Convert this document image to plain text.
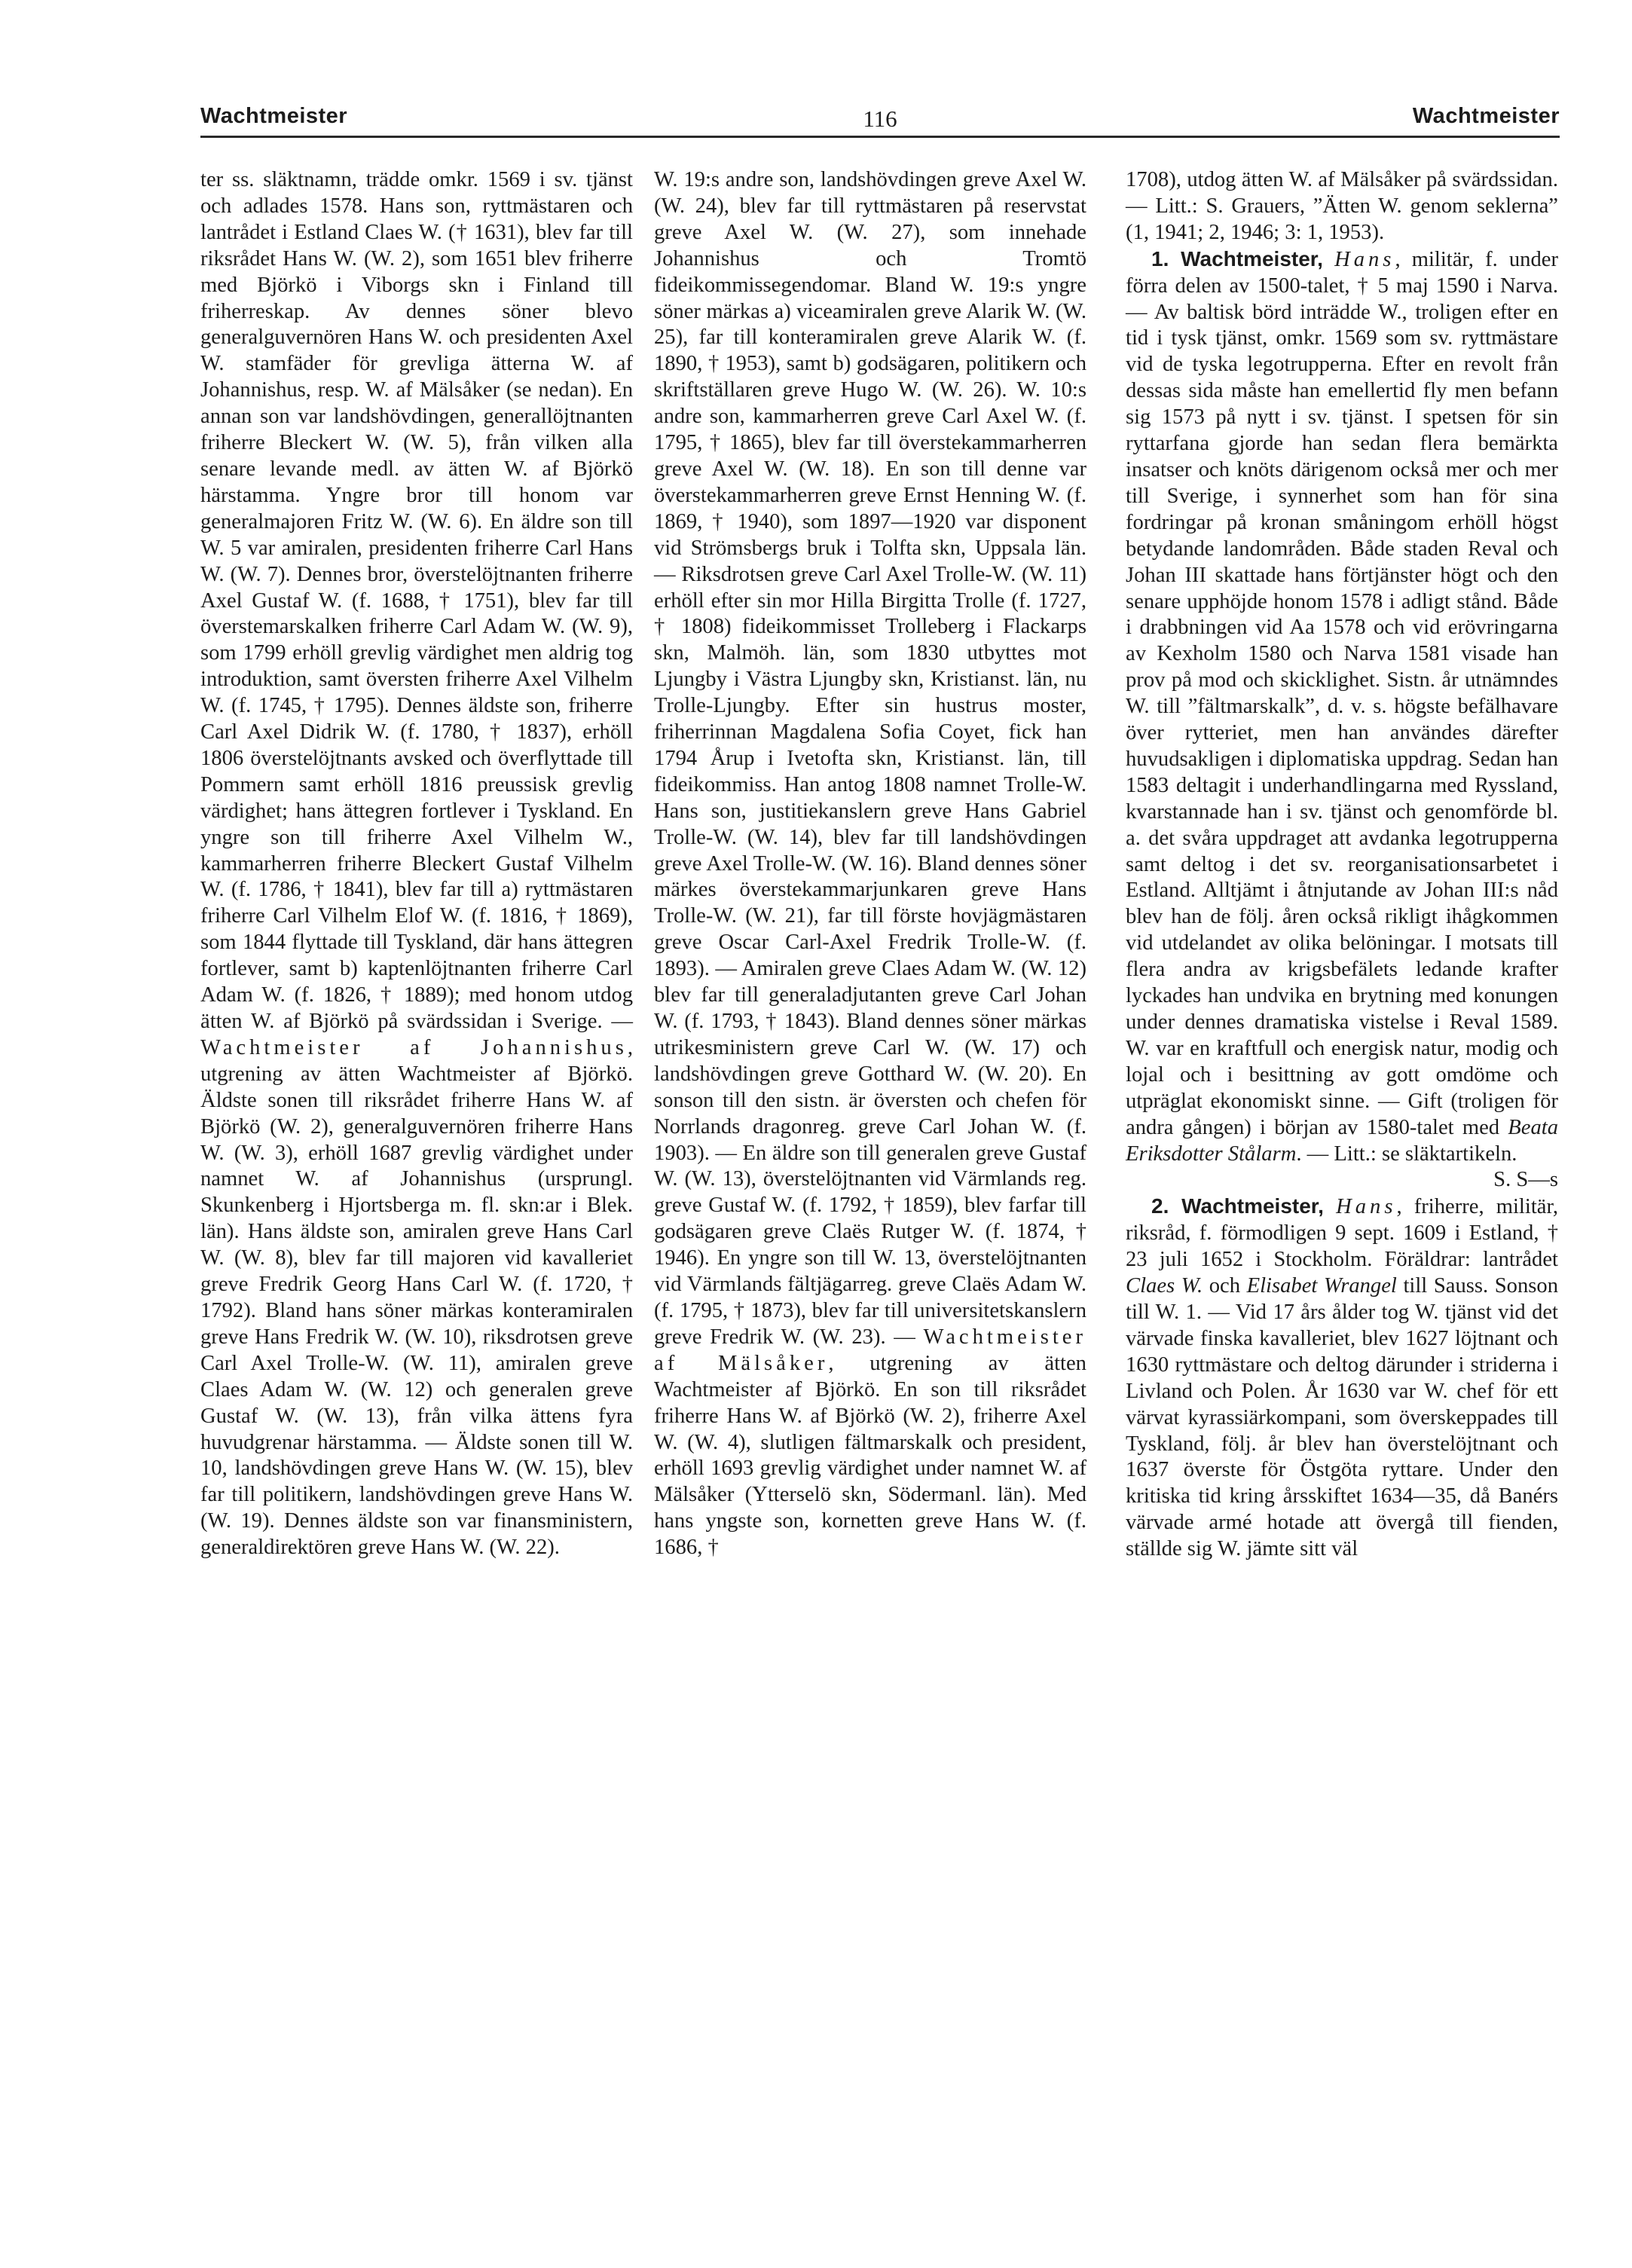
Wachtmeister	116	Wachtmeister

ter ss. släktnamn, trädde omkr. 1569 i sv. tjänst och adlades 1578. Hans son, ryttmästaren och lantrådet i Estland Claes W. († 1631), blev far till riksrådet Hans W. (W. 2), som 1651 blev friherre med Björkö i Viborgs skn i Finland till friherreskap. Av dennes söner blevo generalguvernören Hans W. och presidenten Axel W. stamfäder för grevliga ätterna W. af Johannishus, resp. W. af Mälsåker (se nedan). En annan son var landshövdingen, generallöjtnanten friherre Bleckert W. (W. 5), från vilken alla senare levande medl. av ätten W. af Björkö härstamma. Yngre bror till honom var generalmajoren Fritz W. (W. 6). En äldre son till W. 5 var amiralen, presidenten friherre Carl Hans W. (W. 7). Dennes bror, överstelöjtnanten friherre Axel Gustaf W. (f. 1688, † 1751), blev far till överstemarskalken friherre Carl Adam W. (W. 9), som 1799 erhöll grevlig värdighet men aldrig tog introduktion, samt översten friherre Axel Vilhelm W. (f. 1745, † 1795). Dennes äldste son, friherre Carl Axel Didrik W. (f. 1780, † 1837), erhöll 1806 överstelöjtnants avsked och överflyttade till Pommern samt erhöll 1816 preussisk grevlig värdighet; hans ättegren fortlever i Tyskland. En yngre son till friherre Axel Vilhelm W., kammarherren friherre Bleckert Gustaf Vilhelm W. (f. 1786, † 1841), blev far till a) ryttmästaren friherre Carl Vilhelm Elof W. (f. 1816, † 1869), som 1844 flyttade till Tyskland, där hans ättegren fortlever, samt b) kaptenlöjtnanten friherre Carl Adam W. (f. 1826, † 1889); med honom utdog ätten W. af Björkö på svärdssidan i Sverige. — Wachtmeister af Johannishus, utgrening av ätten Wachtmeister af Björkö. Äldste sonen till riksrådet friherre Hans W. af Björkö (W. 2), generalguvernören friherre Hans W. (W. 3), erhöll 1687 grevlig värdighet under namnet W. af Johannishus (ursprungl. Skunkenberg i Hjortsberga m. fl. skn:ar i Blek. län). Hans äldste son, amiralen greve Hans Carl W. (W. 8), blev far till majoren vid kavalleriet greve Fredrik Georg Hans Carl W. (f. 1720, † 1792). Bland hans söner märkas konteramiralen greve Hans Fredrik W. (W. 10), riksdrotsen greve Carl Axel Trolle-W. (W. 11), amiralen greve Claes Adam W. (W. 12) och generalen greve Gustaf W. (W. 13), från vilka ättens fyra huvudgrenar härstamma. — Äldste sonen till W. 10, landshövdingen greve Hans W. (W. 15), blev far till politikern, landshövdingen greve Hans W. (W. 19). Dennes äldste son var finansministern, generaldirektören greve Hans W. (W. 22).

W. 19:s andre son, landshövdingen greve Axel W. (W. 24), blev far till ryttmästaren på reservstat greve Axel W. (W. 27), som innehade Johannishus och Tromtö fideikommissegendomar. Bland W. 19:s yngre söner märkas a) viceamiralen greve Alarik W. (W. 25), far till konteramiralen greve Alarik W. (f. 1890, † 1953), samt b) godsägaren, politikern och skriftställaren greve Hugo W. (W. 26). W. 10:s andre son, kammarherren greve Carl Axel W. (f. 1795, † 1865), blev far till överstekammarherren greve Axel W. (W. 18). En son till denne var överstekammarherren greve Ernst Henning W. (f. 1869, † 1940), som 1897—1920 var disponent vid Strömsbergs bruk i Tolfta skn, Uppsala län. — Riksdrotsen greve Carl Axel Trolle-W. (W. 11) erhöll efter sin mor Hilla Birgitta Trolle (f. 1727, † 1808) fideikommisset Trolleberg i Flackarps skn, Malmöh. län, som 1830 utbyttes mot Ljungby i Västra Ljungby skn, Kristianst. län, nu Trolle-Ljungby. Efter sin hustrus moster, friherrinnan Magdalena Sofia Coyet, fick han 1794 Årup i Ivetofta skn, Kristianst. län, till fideikommiss. Han antog 1808 namnet Trolle-W. Hans son, justitiekanslern greve Hans Gabriel Trolle-W. (W. 14), blev far till landshövdingen greve Axel Trolle-W. (W. 16). Bland dennes söner märkes överstekammarjunkaren greve Hans Trolle-W. (W. 21), far till förste hovjägmästaren greve Oscar Carl-Axel Fredrik Trolle-W. (f. 1893). — Amiralen greve Claes Adam W. (W. 12) blev far till generaladjutanten greve Carl Johan W. (f. 1793, † 1843). Bland dennes söner märkas utrikesministern greve Carl W. (W. 17) och landshövdingen greve Gotthard W. (W. 20). En sonson till den sistn. är översten och chefen för Norrlands dragonreg. greve Carl Johan W. (f. 1903). — En äldre son till generalen greve Gustaf W. (W. 13), överstelöjtnanten vid Värmlands reg. greve Gustaf W. (f. 1792, † 1859), blev farfar till godsägaren greve Claës Rutger W. (f. 1874, † 1946). En yngre son till W. 13, överstelöjtnanten vid Värmlands fältjägarreg. greve Claës Adam W. (f. 1795, † 1873), blev far till universitetskanslern greve Fredrik W. (W. 23). — Wachtmeister af Mälsåker, utgrening av ätten Wachtmeister af Björkö. En son till riksrådet friherre Hans W. af Björkö (W. 2), friherre Axel W. (W. 4), slutligen fältmarskalk och president, erhöll 1693 grevlig värdighet under namnet W. af Mälsåker (Ytterselö skn, Södermanl. län). Med hans yngste son, kornetten greve Hans W. (f. 1686, †

1708), utdog ätten W. af Mälsåker på svärdssidan. — Litt.: S. Grauers, ”Ätten W. genom seklerna” (1, 1941; 2, 1946; 3: 1, 1953).

1. Wachtmeister, Hans, militär, f. under förra delen av 1500-talet, † 5 maj 1590 i Narva. — Av baltisk börd inträdde W., troligen efter en tid i tysk tjänst, omkr. 1569 som sv. ryttmästare vid de tyska legotrupperna. Efter en revolt från dessas sida måste han emellertid fly men befann sig 1573 på nytt i sv. tjänst. I spetsen för sin ryttarfana gjorde han sedan flera bemärkta insatser och knöts därigenom också mer och mer till Sverige, i synnerhet som han för sina fordringar på kronan småningom erhöll högst betydande landområden. Både staden Reval och Johan III skattade hans förtjänster högt och den senare upphöjde honom 1578 i adligt stånd. Både i drabbningen vid Aa 1578 och vid erövringarna av Kexholm 1580 och Narva 1581 visade han prov på mod och skicklighet. Sistn. år utnämndes W. till ”fältmarskalk”, d. v. s. högste befälhavare över rytteriet, men han användes därefter huvudsakligen i diplomatiska uppdrag. Sedan han 1583 deltagit i underhandlingarna med Ryssland, kvarstannade han i sv. tjänst och genomförde bl. a. det svåra uppdraget att avdanka legotrupperna samt deltog i det sv. reorganisationsarbetet i Estland. Alltjämt i åtnjutande av Johan III:s nåd blev han de följ. åren också rikligt ihågkommen vid utdelandet av olika belöningar. I motsats till flera andra av krigsbefälets ledande krafter lyckades han undvika en brytning med konungen under dennes dramatiska vistelse i Reval 1589. W. var en kraftfull och energisk natur, modig och lojal och i besittning av gott omdöme och utpräglat ekonomiskt sinne. — Gift (troligen för andra gången) i början av 1580-talet med Beata Eriksdotter Stålarm. — Litt.: se släktartikeln.

S. S—s

2. Wachtmeister, Hans, friherre, militär, riksråd, f. förmodligen 9 sept. 1609 i Estland, † 23 juli 1652 i Stockholm. Föräldrar: lantrådet Claes W. och Elisabet Wrangel till Sauss. Sonson till W. 1. — Vid 17 års ålder tog W. tjänst vid det värvade finska kavalleriet, blev 1627 löjtnant och 1630 ryttmästare och deltog därunder i striderna i Livland och Polen. År 1630 var W. chef för ett värvat kyrassiärkompani, som överskeppades till Tyskland, följ. år blev han överstelöjtnant och 1637 överste för Östgöta ryttare. Under den kritiska tid kring årsskiftet 1634—35, då Banérs värvade armé hotade att övergå till fienden, ställde sig W. jämte sitt väl
